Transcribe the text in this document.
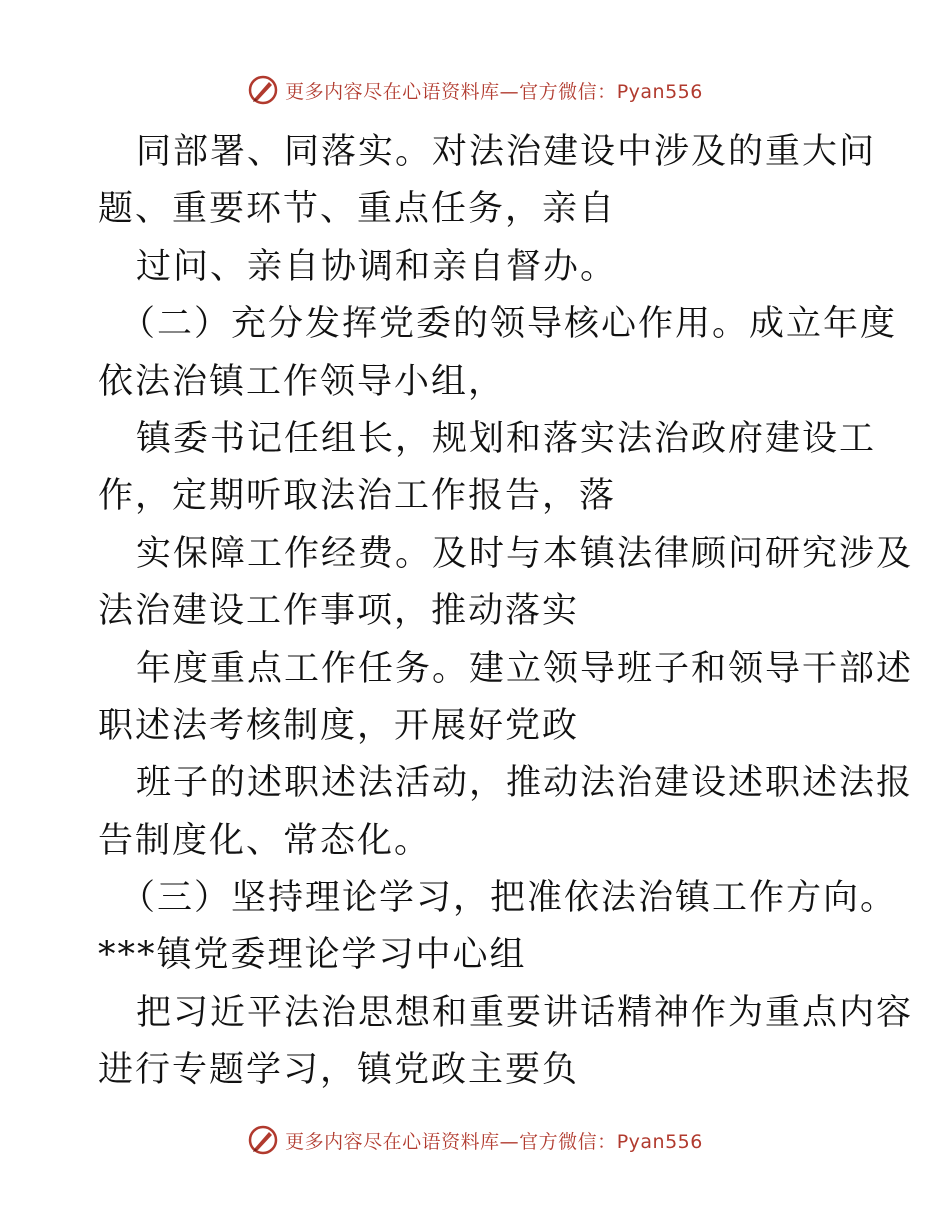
更多内容尽在心语资料库—官方微信：Pyan556
同部署、同落实。对法治建设中涉及的重大问
题、重要环节、重点任务，亲自
过问、亲自协调和亲自督办。
（二）充分发挥党委的领导核心作用。成立年度
依法治镇工作领导小组，
镇委书记任组长，规划和落实法治政府建设工
作，定期听取法治工作报告，落
实保障工作经费。及时与本镇法律顾问研究涉及
法治建设工作事项，推动落实
年度重点工作任务。建立领导班子和领导干部述
职述法考核制度，开展好党政
班子的述职述法活动，推动法治建设述职述法报
告制度化、常态化。
（三）坚持理论学习，把准依法治镇工作方向。
***镇党委理论学习中心组
把习近平法治思想和重要讲话精神作为重点内容
进行专题学习，镇党政主要负
更多内容尽在心语资料库—官方微信：Pyan556
